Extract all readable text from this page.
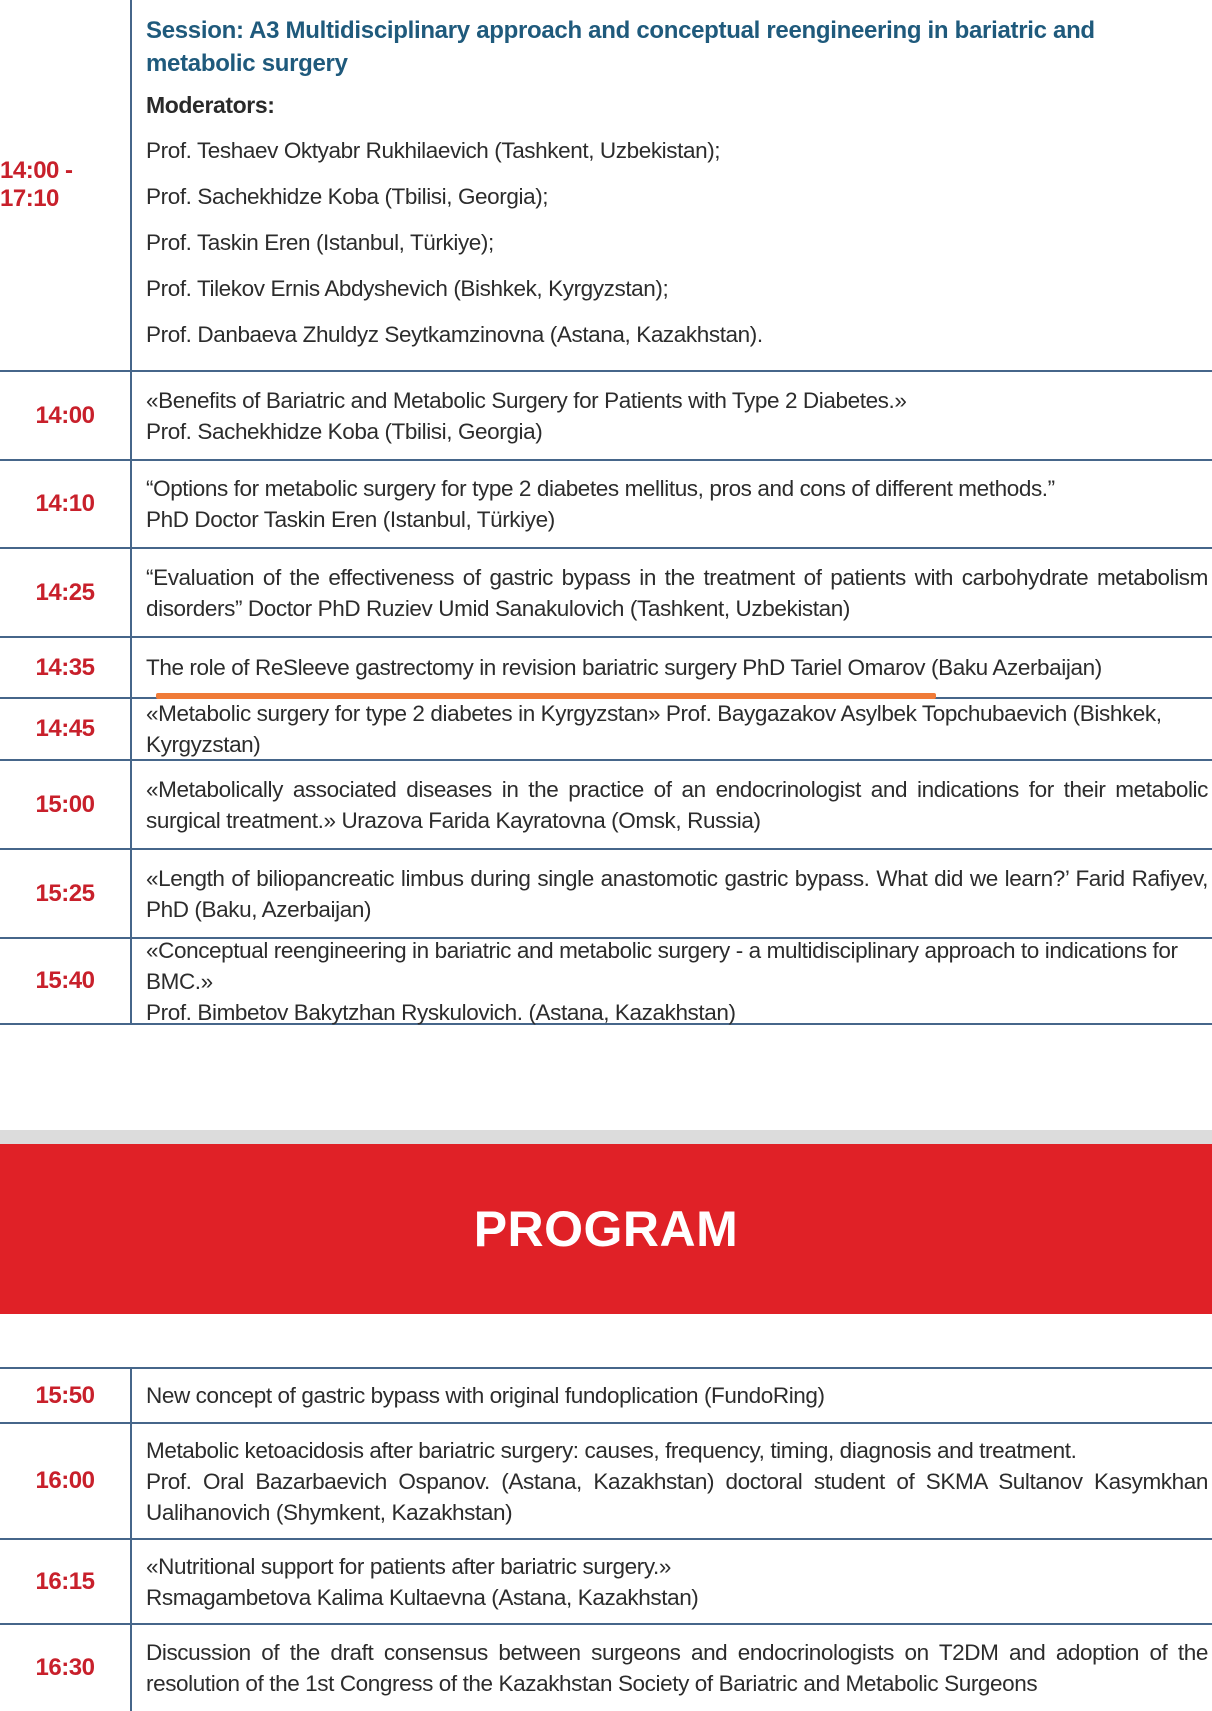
14:00 - 17:10

Session: A3 Multidisciplinary approach and conceptual reengineering in bariatric and metabolic surgery

Moderators:

Prof. Teshaev Oktyabr Rukhilaevich (Tashkent, Uzbekistan);

Prof. Sachekhidze Koba (Tbilisi, Georgia);

Prof. Taskin Eren (Istanbul, Türkiye);

Prof. Tilekov Ernis Abdyshevich (Bishkek, Kyrgyzstan);

Prof. Danbaeva Zhuldyz Seytkamzinovna (Astana, Kazakhstan).

14:00

«Benefits of Bariatric and Metabolic Surgery for Patients with Type 2 Diabetes.»

Prof. Sachekhidze Koba (Tbilisi, Georgia)

14:10

“Options for metabolic surgery for type 2 diabetes mellitus, pros and cons of different methods.”

PhD Doctor Taskin Eren (Istanbul, Türkiye)

14:25

“Evaluation of the effectiveness of gastric bypass in the treatment of patients with carbohydrate metabolism disorders” Doctor PhD Ruziev Umid Sanakulovich (Tashkent, Uzbekistan)

14:35	The role of ReSleeve gastrectomy in revision bariatric surgery PhD Tariel Omarov (Baku Azerbaijan)

14:45

«Metabolic surgery for type 2 diabetes in Kyrgyzstan» Prof. Baygazakov Asylbek Topchubaevich (Bishkek, Kyrgyzstan)

15:00

«Metabolically associated diseases in the practice of an endocrinologist and indications for their metabolic surgical treatment.» Urazova Farida Kayratovna (Omsk, Russia)

15:25

«Length of biliopancreatic limbus during single anastomotic gastric bypass. What did we learn?’ Farid Rafiyev, PhD (Baku, Azerbaijan)

15:40

«Conceptual reengineering in bariatric and metabolic surgery - a multidisciplinary approach to indications for BMC.»

Prof. Bimbetov Bakytzhan Ryskulovich. (Astana, Kazakhstan)

PROGRAM
15:50	New concept of gastric bypass with original fundoplication (FundoRing)

16:00

Metabolic ketoacidosis after bariatric surgery: causes, frequency, timing, diagnosis and treatment.

Prof. Oral Bazarbaevich Ospanov. (Astana, Kazakhstan) doctoral student of SKMA Sultanov Kasymkhan Ualihanovich (Shymkent, Kazakhstan)

16:15

«Nutritional support for patients after bariatric surgery.»

Rsmagambetova Kalima Kultaevna (Astana, Kazakhstan)

16:30

Discussion of the draft consensus between surgeons and endocrinologists on T2DM and adoption of the resolution of the 1st Congress of the Kazakhstan Society of Bariatric and Metabolic Surgeons
